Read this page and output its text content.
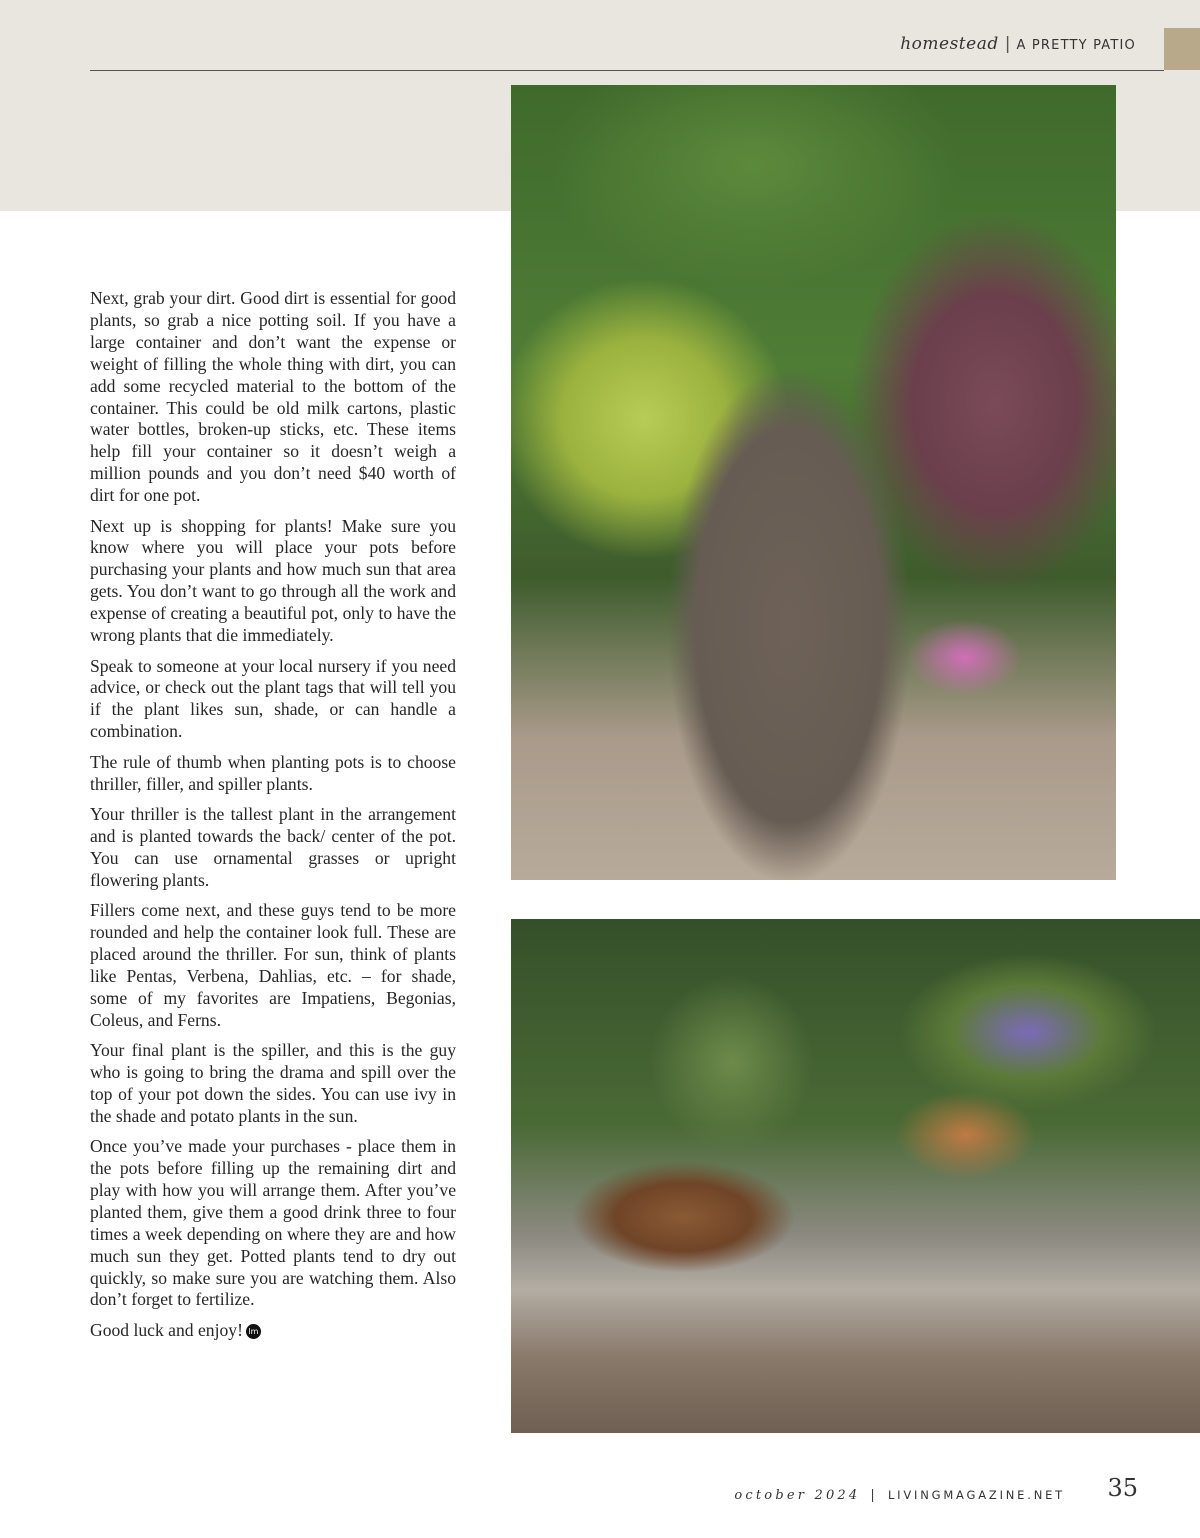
homestead | A PRETTY PATIO

Next, grab your dirt. Good dirt is essential for good plants, so grab a nice potting soil. If you have a large container and don’t want the expense or weight of filling the whole thing with dirt, you can add some recycled material to the bottom of the container. This could be old milk cartons, plastic water bottles, broken-up sticks, etc. These items help fill your container so it doesn’t weigh a million pounds and you don’t need $40 worth of dirt for one pot.

Next up is shopping for plants! Make sure you know where you will place your pots before purchasing your plants and how much sun that area gets. You don’t want to go through all the work and expense of creating a beautiful pot, only to have the wrong plants that die immediately.

Speak to someone at your local nursery if you need advice, or check out the plant tags that will tell you if the plant likes sun, shade, or can handle a combination.

The rule of thumb when planting pots is to choose thriller, filler, and spiller plants.

Your thriller is the tallest plant in the arrangement and is planted towards the back/ center of the pot. You can use ornamental grasses or upright flowering plants.

Fillers come next, and these guys tend to be more rounded and help the container look full. These are placed around the thriller. For sun, think of plants like Pentas, Verbena, Dahlias, etc. – for shade, some of my favorites are Impatiens, Begonias, Coleus, and Ferns.

Your final plant is the spiller, and this is the guy who is going to bring the drama and spill over the top of your pot down the sides. You can use ivy in the shade and potato plants in the sun.

Once you’ve made your purchases - place them in the pots before filling up the remaining dirt and play with how you will arrange them. After you’ve planted them, give them a good drink three to four times a week depending on where they are and how much sun they get. Potted plants tend to dry out quickly, so make sure you are watching them. Also don’t forget to fertilize.

Good luck and enjoy! lm

october 2024 | LIVINGMAGAZINE.NET 35
